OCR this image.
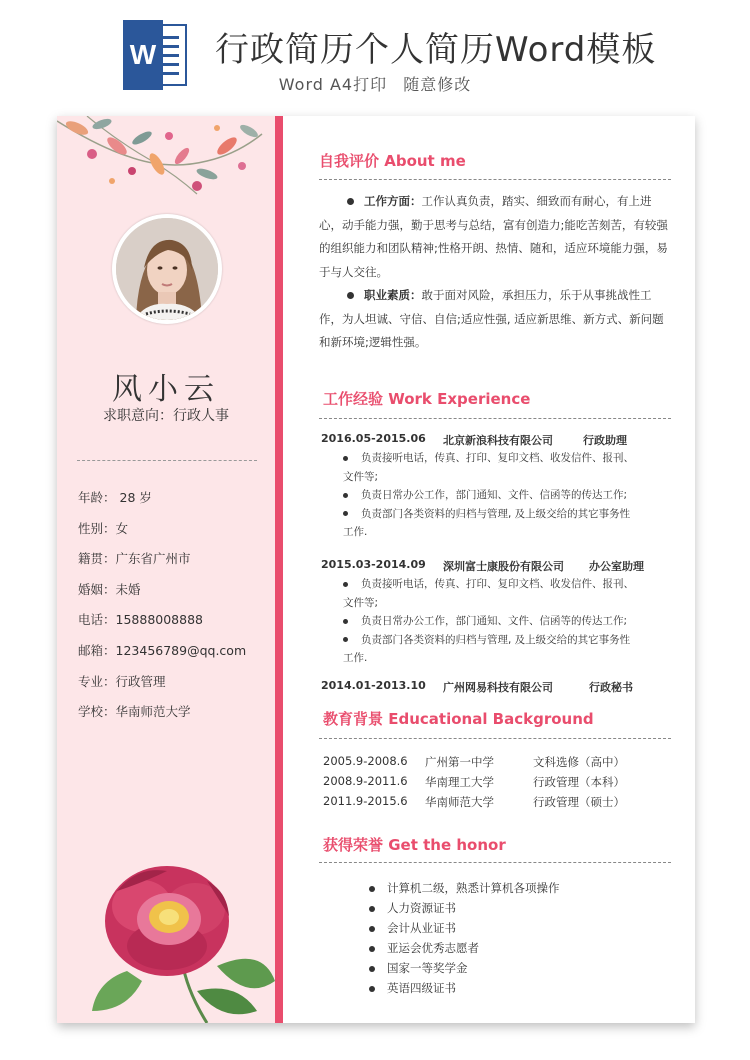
W 行政简历个人简历Word模板
Word A4打印 随意修改
风小云
求职意向：行政人事
年龄： 28 岁
性别：女
籍贯：广东省广州市
婚姻：未婚
电话：15888008888
邮箱：123456789@qq.com
专业：行政管理
学校：华南师范大学
自我评价 About me
工作方面：工作认真负责，踏实、细致而有耐心，有上进心，动手能力强，勤于思考与总结，富有创造力;能吃苦刻苦，有较强的组织能力和团队精神;性格开朗、热情、随和，适应环境能力强，易于与人交往。
职业素质：敢于面对风险，承担压力，乐于从事挑战性工作，为人坦诚、守信、自信;适应性强, 适应新思维、新方式、新问题和新环境;逻辑性强。
工作经验 Work Experience
2016.05-2015.06 北京新浪科技有限公司	行政助理
负责接听电话，传真、打印、复印文档、收发信件、报刊、
文件等;
负责日常办公工作，部门通知、文件、信函等的传达工作;
负责部门各类资料的归档与管理, 及上级交给的其它事务性
工作.
2015.03-2014.09 深圳富士康股份有限公司 办公室助理
负责接听电话，传真、打印、复印文档、收发信件、报刊、
文件等;
负责日常办公工作，部门通知、文件、信函等的传达工作;
负责部门各类资料的归档与管理, 及上级交给的其它事务性
工作.
2014.01-2013.10 广州网易科技有限公司	行政秘书
教育背景 Educational Background
2005.9-2008.6 广州第一中学	文科选修（高中）
2008.9-2011.6 华南理工大学	行政管理（本科）
2011.9-2015.6 华南师范大学	行政管理（硕士）
获得荣誉 Get the honor
计算机二级，熟悉计算机各项操作
人力资源证书
会计从业证书
亚运会优秀志愿者
国家一等奖学金
英语四级证书
